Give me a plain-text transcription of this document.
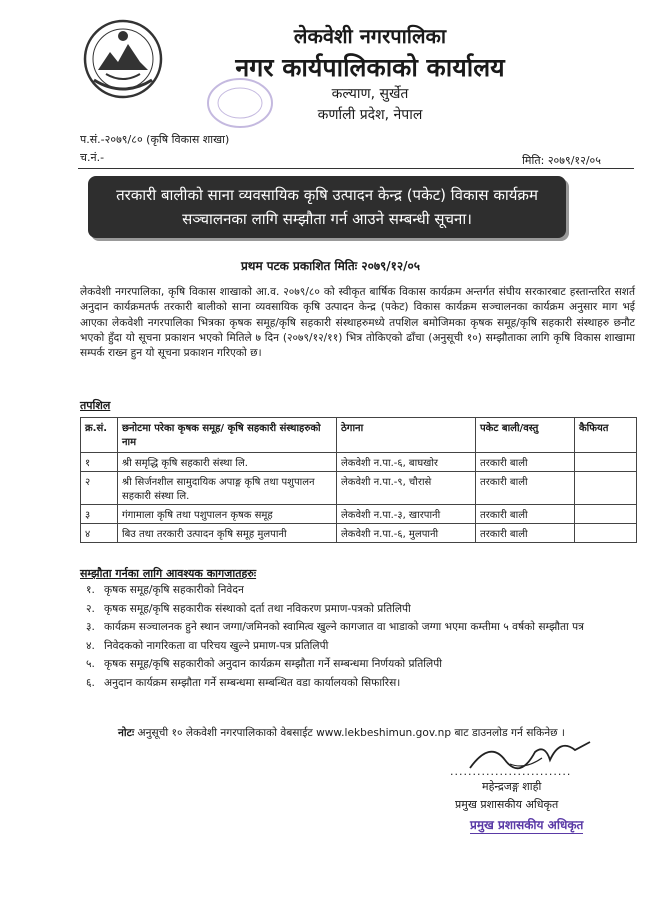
लेकवेशी नगरपालिका
नगर कार्यपालिकाको कार्यालय
कल्याण, सुर्खेत
कर्णाली प्रदेश, नेपाल
प.सं.-२०७९/८० (कृषि विकास शाखा)
च.नं.-	मिति: २०७९/१२/०५
तरकारी बालीको साना व्यवसायिक कृषि उत्पादन केन्द्र (पकेट) विकास कार्यक्रम
सञ्चालनका लागि सम्झौता गर्न आउने सम्बन्धी सूचना।
प्रथम पटक प्रकाशित मितिः २०७९/१२/०५
लेकवेशी नगरपालिका, कृषि विकास शाखाको आ.व. २०७९/८० को स्वीकृत बार्षिक विकास कार्यक्रम अन्तर्गत संघीय सरकारबाट हस्तान्तरित सशर्त अनुदान कार्यक्रमतर्फ तरकारी बालीको साना व्यवसायिक कृषि उत्पादन केन्द्र (पकेट) विकास कार्यक्रम सञ्चालनका कार्यक्रम अनुसार माग भई आएका लेकवेशी नगरपालिका भित्रका कृषक समूह/कृषि सहकारी संस्थाहरुमध्ये तपशिल बमोजिमका कृषक समूह/कृषि सहकारी संस्थाहरु छनौट भएको हुँदा यो सूचना प्रकाशन भएको मितिले ७ दिन (२०७९/१२/११) भित्र तोकिएको ढाँचा (अनुसूची १०) सम्झौताका लागि कृषि विकास शाखामा सम्पर्क राख्न हुन यो सूचना प्रकाशन गरिएको छ।
तपशिल
क्र.सं.	छनोटमा परेका कृषक समूह/ कृषि सहकारी संस्थाहरुको नाम	ठेगाना	पकेट बाली/वस्तु	कैफियत
१	श्री समृद्धि कृषि सहकारी संस्था लि.	लेकवेशी न.पा.-६, बाघखोर	तरकारी बाली	
२	श्री सिर्जनशील सामुदायिक अपाङ्ग कृषि तथा पशुपालन सहकारी संस्था लि.	लेकवेशी न.पा.-९, चौरासे	तरकारी बाली	
३	गंगामाला कृषि तथा पशुपालन कृषक समूह	लेकवेशी न.पा.-३, खारपानी	तरकारी बाली	
४	बिउ तथा तरकारी उत्पादन कृषि समूह मुलपानी	लेकवेशी न.पा.-६, मुलपानी	तरकारी बाली	
सम्झौता गर्नका लागि आवश्यक कागजातहरुः
१. कृषक समूह/कृषि सहकारीको निवेदन
२. कृषक समूह/कृषि सहकारीक संस्थाको दर्ता तथा नविकरण प्रमाण-पत्रको प्रतिलिपी
३. कार्यक्रम सञ्चालनक हुने स्थान जग्गा/जमिनको स्वामित्व खुल्ने कागजात वा भाडाको जग्गा भएमा कम्तीमा ५ वर्षको सम्झौता पत्र
४. निवेदकको नागरिकता वा परिचय खुल्ने प्रमाण-पत्र प्रतिलिपी
५. कृषक समूह/कृषि सहकारीको अनुदान कार्यक्रम सम्झौता गर्ने सम्बन्धमा निर्णयको प्रतिलिपी
६. अनुदान कार्यक्रम सम्झौता गर्ने सम्बन्धमा सम्बन्धित वडा कार्यालयको सिफारिस।
नोटः अनुसूची १० लेकवेशी नगरपालिकाको वेबसाईट www.lekbeshimun.gov.np बाट डाउनलोड गर्न सकिनेछ ।
...........................
महेन्द्रजङ्ग शाही
प्रमुख प्रशासकीय अधिकृत
प्रमुख प्रशासकीय अधिकृत
